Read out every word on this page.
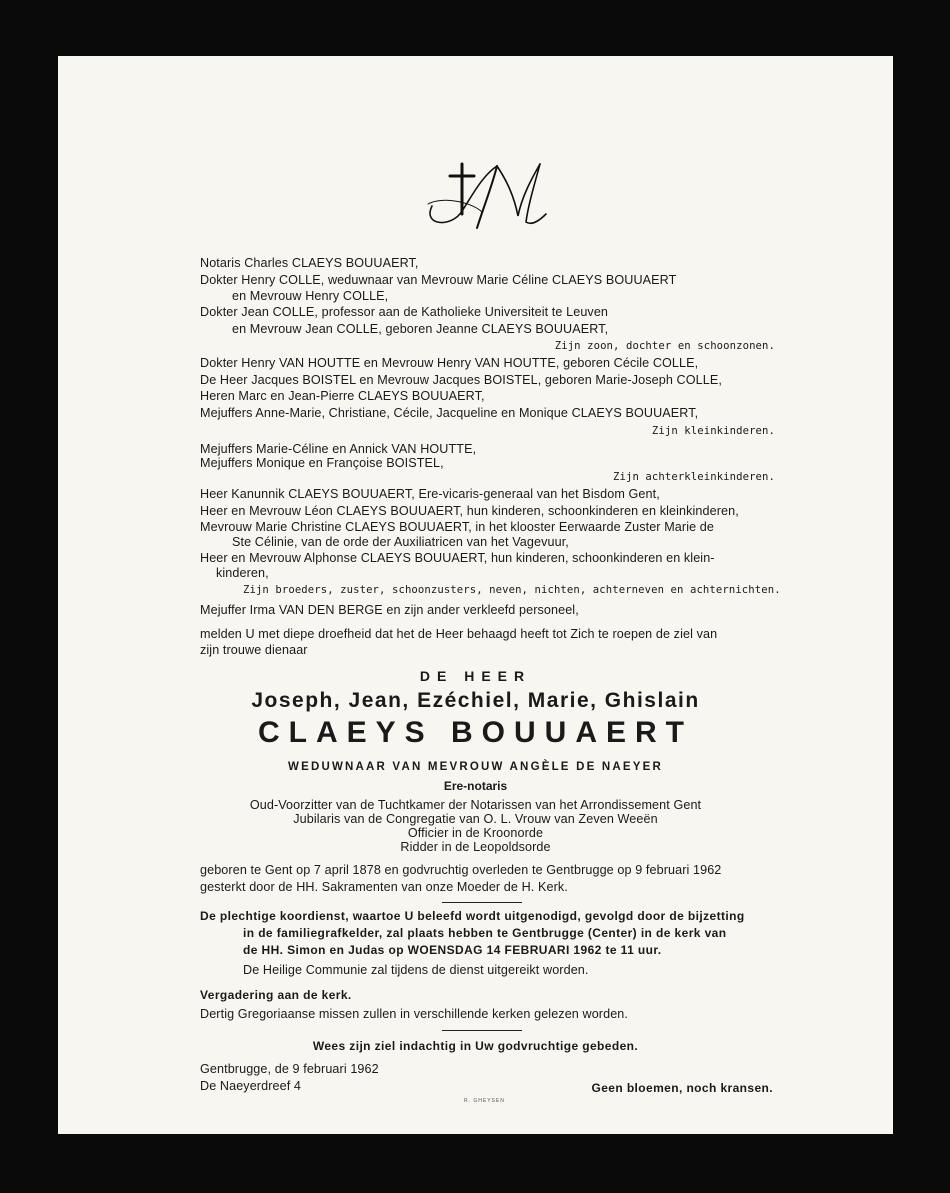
Notaris Charles CLAEYS BOUUAERT,
Dokter Henry COLLE, weduwnaar van Mevrouw Marie Céline CLAEYS BOUUAERT
en Mevrouw Henry COLLE,
Dokter Jean COLLE, professor aan de Katholieke Universiteit te Leuven
en Mevrouw Jean COLLE, geboren Jeanne CLAEYS BOUUAERT,
Zijn zoon, dochter en schoonzonen.
Dokter Henry VAN HOUTTE en Mevrouw Henry VAN HOUTTE, geboren Cécile COLLE,
De Heer Jacques BOISTEL en Mevrouw Jacques BOISTEL, geboren Marie-Joseph COLLE,
Heren Marc en Jean-Pierre CLAEYS BOUUAERT,
Mejuffers Anne-Marie, Christiane, Cécile, Jacqueline en Monique CLAEYS BOUUAERT,
Zijn kleinkinderen.
Mejuffers Marie-Céline en Annick VAN HOUTTE,
Mejuffers Monique en Françoise BOISTEL,
Zijn achterkleinkinderen.
Heer Kanunnik CLAEYS BOUUAERT, Ere-vicaris-generaal van het Bisdom Gent,
Heer en Mevrouw Léon CLAEYS BOUUAERT, hun kinderen, schoonkinderen en kleinkinderen,
Mevrouw Marie Christine CLAEYS BOUUAERT, in het klooster Eerwaarde Zuster Marie de
Ste Célinie, van de orde der Auxiliatricen van het Vagevuur,
Heer en Mevrouw Alphonse CLAEYS BOUUAERT, hun kinderen, schoonkinderen en klein-
kinderen,
Zijn broeders, zuster, schoonzusters, neven, nichten, achterneven en achternichten.
Mejuffer Irma VAN DEN BERGE en zijn ander verkleefd personeel,
melden U met diepe droefheid dat het de Heer behaagd heeft tot Zich te roepen de ziel van
zijn trouwe dienaar
DE HEER
Joseph, Jean, Ezéchiel, Marie, Ghislain
CLAEYS BOUUAERT
WEDUWNAAR VAN MEVROUW ANGÈLE DE NAEYER
Ere-notaris
Oud-Voorzitter van de Tuchtkamer der Notarissen van het Arrondissement Gent
Jubilaris van de Congregatie van O. L. Vrouw van Zeven Weeën
Officier in de Kroonorde
Ridder in de Leopoldsorde
geboren te Gent op 7 april 1878 en godvruchtig overleden te Gentbrugge op 9 februari 1962
gesterkt door de HH. Sakramenten van onze Moeder de H. Kerk.
De plechtige koordienst, waartoe U beleefd wordt uitgenodigd, gevolgd door de bijzetting
in de familiegrafkelder, zal plaats hebben te Gentbrugge (Center) in de kerk van
de HH. Simon en Judas op WOENSDAG 14 FEBRUARI 1962 te 11 uur.
De Heilige Communie zal tijdens de dienst uitgereikt worden.
Vergadering aan de kerk.
Dertig Gregoriaanse missen zullen in verschillende kerken gelezen worden.
Wees zijn ziel indachtig in Uw godvruchtige gebeden.
Gentbrugge, de 9 februari 1962
De Naeyerdreef 4	Geen bloemen, noch kransen.
R. GHEYSEN
